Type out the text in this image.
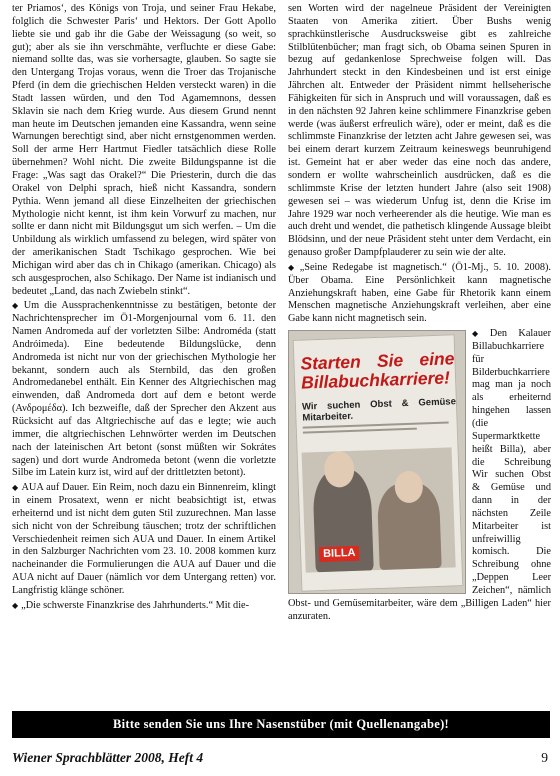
ter Priamos‘, des Königs von Troja, und seiner Frau Hekabe, folglich die Schwester Paris‘ und Hektors. Der Gott Apollo liebte sie und gab ihr die Gabe der Weissagung (so weit, so gut); aber als sie ihn verschmähte, verfluchte er diese Gabe: niemand sollte das, was sie vorhersagte, glauben. So sagte sie den Untergang Trojas voraus, wenn die Troer das Trojanische Pferd (in dem die griechischen Helden versteckt waren) in die Stadt lassen würden, und den Tod Agamemnons, dessen Sklavin sie nach dem Krieg wurde. Aus diesem Grund nennt man heute im Deutschen jemanden eine Kassandra, wenn seine Warnungen berechtigt sind, aber nicht ernstgenommen werden. Soll der arme Herr Hartmut Fiedler tatsächlich diese Rolle übernehmen? Wohl nicht. Die zweite Bildungspanne ist die Frage: „Was sagt das Orakel?“ Die Priesterin, durch die das Orakel von Delphi sprach, hieß nicht Kassandra, sondern Pythia. Wenn jemand all diese Einzelheiten der griechischen Mythologie nicht kennt, ist ihm kein Vorwurf zu machen, nur sollte er dann nicht mit Bildungsgut um sich werfen. – Um die Unbildung als wirklich umfassend zu belegen, wird später von der amerikanischen Stadt Tschikago gesprochen. Wie bei Michigan wird aber das ch in Chikago (amerikan. Chicago) als sch ausgesprochen, also Schikago. Der Name ist indianisch und bedeutet „Land, das nach Zwiebeln stinkt“.

◆ Um die Aussprachenkenntnisse zu bestätigen, betonte der Nachrichtensprecher im Ö1-Morgenjournal vom 6. 11. den Namen Andromeda auf der vorletzten Silbe: Androméda (statt Andróimeda). Eine bedeutende Bildungslücke, denn Andromeda ist nicht nur von der griechischen Mythologie her bekannt, sondern auch als Sternbild, das den großen Andromedanebel enthält. Ein Kenner des Altgriechischen mag einwenden, daß Andromeda dort auf dem e betont werde (Ανδρομέδα). Ich bezweifle, daß der Sprecher den Akzent aus Rücksicht auf das Altgriechische auf das e legte; wie auch immer, die altgriechischen Lehnwörter werden im Deutschen nach der lateinischen Art betont (sonst müßten wir Sokrátes sagen) und dort wurde Andromeda betont (wenn die vorletzte Silbe im Latein kurz ist, wird auf der drittletzten betont).

◆ AUA auf Dauer. Ein Reim, noch dazu ein Binnenreim, klingt in einem Prosatext, wenn er nicht beabsichtigt ist, etwas erheiternd und ist nicht dem guten Stil zuzurechnen. Man lasse sich nicht von der Schreibung täuschen; trotz der schriftlichen Verschiedenheit reimen sich AUA und Dauer. In einem Artikel in den Salzburger Nachrichten vom 23. 10. 2008 kommen kurz nacheinander die Formulierungen die AUA auf Dauer und die AUA nicht auf Dauer (nämlich vor dem Untergang retten) vor. Langfristig klänge schöner.

◆ „Die schwerste Finanzkrise des Jahrhunderts.“ Mit die-

sen Worten wird der nagelneue Präsident der Vereinigten Staaten von Amerika zitiert. Über Bushs wenig sprachkünstlerische Ausdrucksweise gibt es zahlreiche Stilblütenbücher; man fragt sich, ob Obama seinen Spuren in bezug auf gedankenlose Sprechweise folgen will. Das Jahrhundert steckt in den Kindesbeinen und ist erst einige Jährchen alt. Entweder der Präsident nimmt hellseherische Fähigkeiten für sich in Anspruch und will voraussagen, daß es in den nächsten 92 Jahren keine schlimmere Finanzkrise geben werde (was äußerst erfreulich wäre), oder er meint, daß es die schlimmste Finanzkrise der letzten acht Jahre gewesen sei, was bei einem derart kurzem Zeitraum keineswegs beunruhigend ist. Gemeint hat er aber weder das eine noch das andere, sondern er wollte wahrscheinlich ausdrücken, daß es die schlimmste Krise der letzten hundert Jahre (also seit 1908) gewesen sei – was wiederum Unfug ist, denn die Krise im Jahre 1929 war noch verheerender als die heutige. Wie man es auch dreht und wendet, die pathetisch klingende Aussage bleibt Blödsinn, und der neue Präsident steht unter dem Verdacht, ein genauso großer Dampfplauderer zu sein wie der alte.

◆ „Seine Redegabe ist magnetisch.“ (Ö1-Mj., 5. 10. 2008). Über Obama. Eine Persönlichkeit kann magnetische Anziehungskraft haben, eine Gabe für Rhetorik kann einem Menschen magnetische Anziehungskraft verleihen, aber eine Gabe kann nicht magnetisch sein.

◆
Starten Sie eine Billabuchkarriere!
Wir suchen Obst & Gemüse Mitarbeiter.
BILLA
Den Kalauer Billabuchkarriere für Bilderbuchkarriere mag man ja noch als erheiternd hingehen lassen (die Supermarktkette heißt Billa), aber die Schreibung Wir suchen Obst & Gemüse und dann in der nächsten Zeile Mitarbeiter ist unfreiwillig komisch. Die Schreibung ohne „Deppen Leer Zeichen“, nämlich Obst- und Gemüsemitarbeiter, wäre dem „Billigen Laden“ hier anzuraten.

Bitte senden Sie uns Ihre Nasenstüber (mit Quellenangabe)!
Wiener Sprachblätter 2008, Heft 4	9
